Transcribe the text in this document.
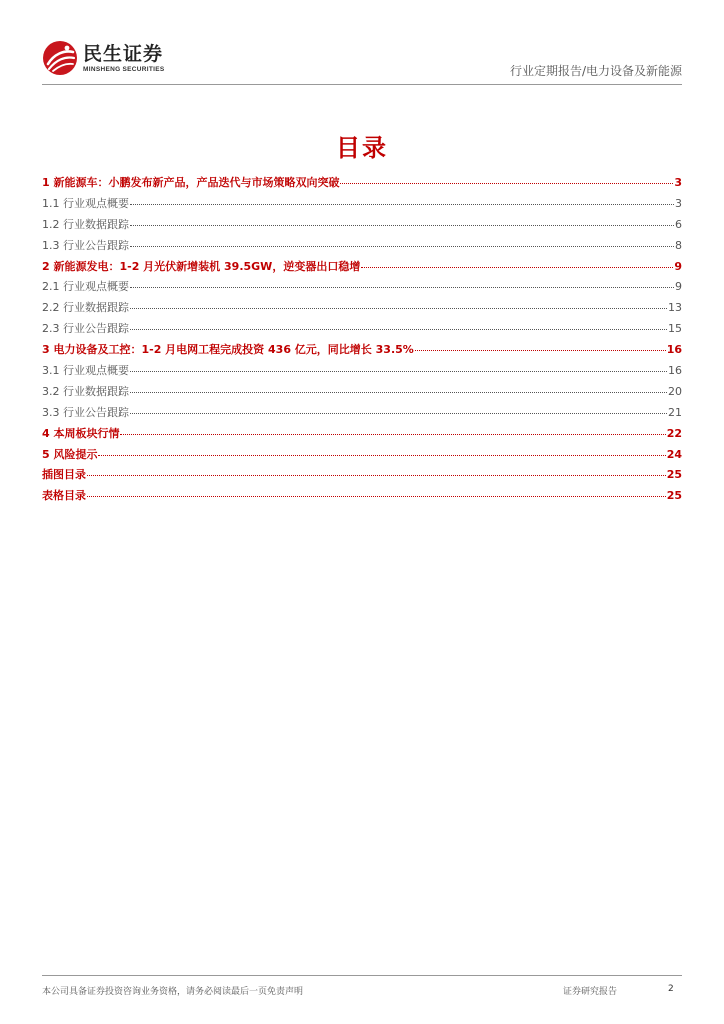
民生证券
MINSHENG SECURITIES	行业定期报告/电力设备及新能源
目录
1 新能源车：小鹏发布新产品，产品迭代与市场策略双向突破	3
1.1 行业观点概要	3
1.2 行业数据跟踪	6
1.3 行业公告跟踪	8
2 新能源发电：1-2 月光伏新增装机 39.5GW，逆变器出口稳增	9
2.1 行业观点概要	9
2.2 行业数据跟踪	13
2.3 行业公告跟踪	15
3 电力设备及工控：1-2 月电网工程完成投资 436 亿元，同比增长 33.5%	16
3.1 行业观点概要	16
3.2 行业数据跟踪	20
3.3 行业公告跟踪	21
4 本周板块行情	22
5 风险提示	24
插图目录	25
表格目录	25
本公司具备证券投资咨询业务资格，请务必阅读最后一页免责声明	证券研究报告	2
